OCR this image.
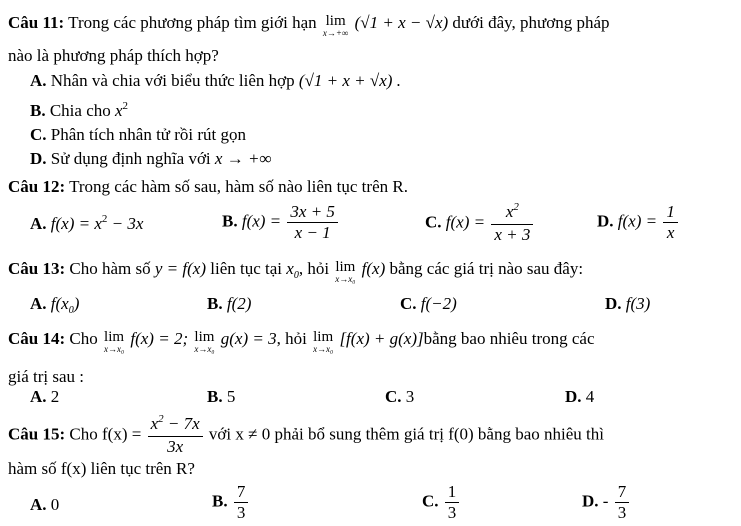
Câu 11: Trong các phương pháp tìm giới hạn lim
x→+∞
(√1 + x − √x) dưới đây, phương pháp
nào là phương pháp thích hợp?
A. Nhân và chia với biểu thức liên hợp (√1 + x + √x) .
B. Chia cho $x^2$
C. Phân tích nhân tử rồi rút gọn
D. Sử dụng định nghĩa với x → +∞
Câu 12: Trong các hàm số sau, hàm số nào liên tục trên R.
A. $f(x) = x^2 - 3x$	B. $f(x) = \frac{3x + 5}{x - 1}$	C. $f(x) = \frac{x^2}{x + 3}$	D. $f(x) = \frac{1}{x}$
Câu 13: Cho hàm số y = f(x) liên tục tại $x_0$, hỏi lim
x→x₀
f(x) bằng các giá trị nào sau đây:
A. $f(x_0)$	B. f(2)	C. f(−2)	D. f(3)
Câu 14: Cho lim
x→x₀
f(x) = 2; lim
x→x₀
g(x) = 3, hỏi lim
x→x₀
[f(x) + g(x)]bằng bao nhiêu trong các
giá trị sau :
A. 2	B. 5	C. 3	D. 4
Câu 15: Cho $f(x) = \frac{x^2 - 7x}{3x}$ với x ≠ 0 phải bổ sung thêm giá trị f(0) bằng bao nhiêu thì
hàm số f(x) liên tục trên R?
A. 0	B. $\frac{7}{3}$	C. $\frac{1}{3}$	D. - $\frac{7}{3}$
